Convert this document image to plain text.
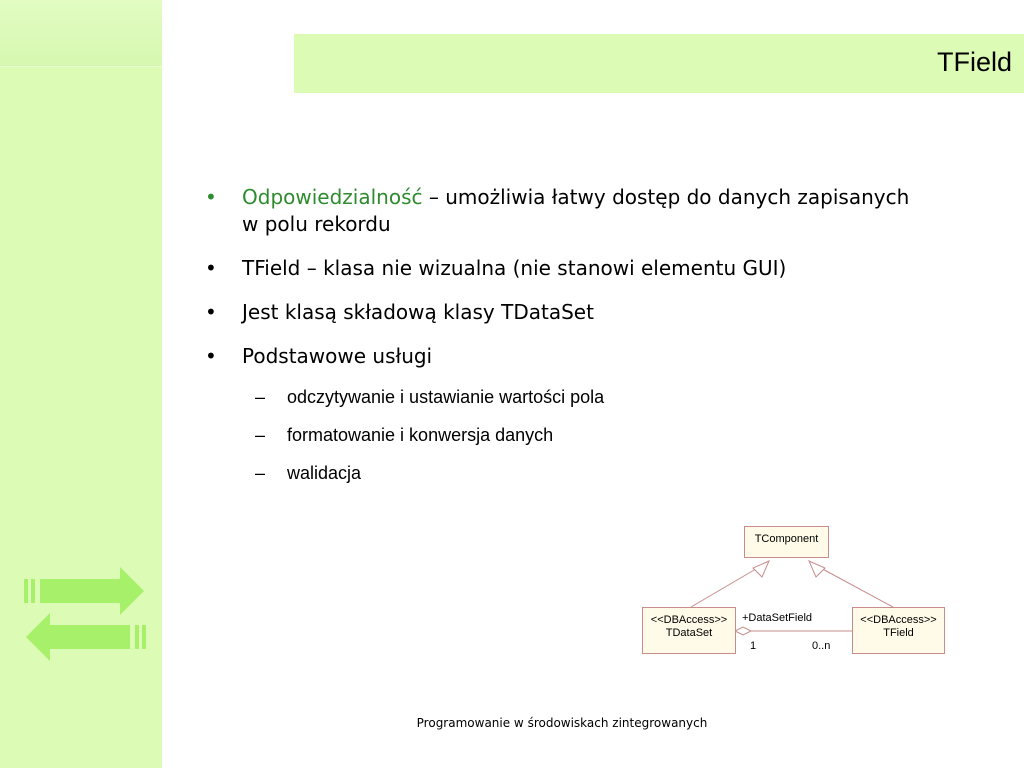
TField
• Odpowiedzialność – umożliwia łatwy dostęp do danych zapisanych w polu rekordu
• TField – klasa nie wizualna (nie stanowi elementu GUI)
• Jest klasą składową klasy TDataSet
• Podstawowe usługi
– odczytywanie i ustawianie wartości pola
– formatowanie i konwersja danych
– walidacja
TComponent
<<DBAccess>>
TDataSet
<<DBAccess>>
TField
+DataSetField
1	0..n
Programowanie w środowiskach zintegrowanych
